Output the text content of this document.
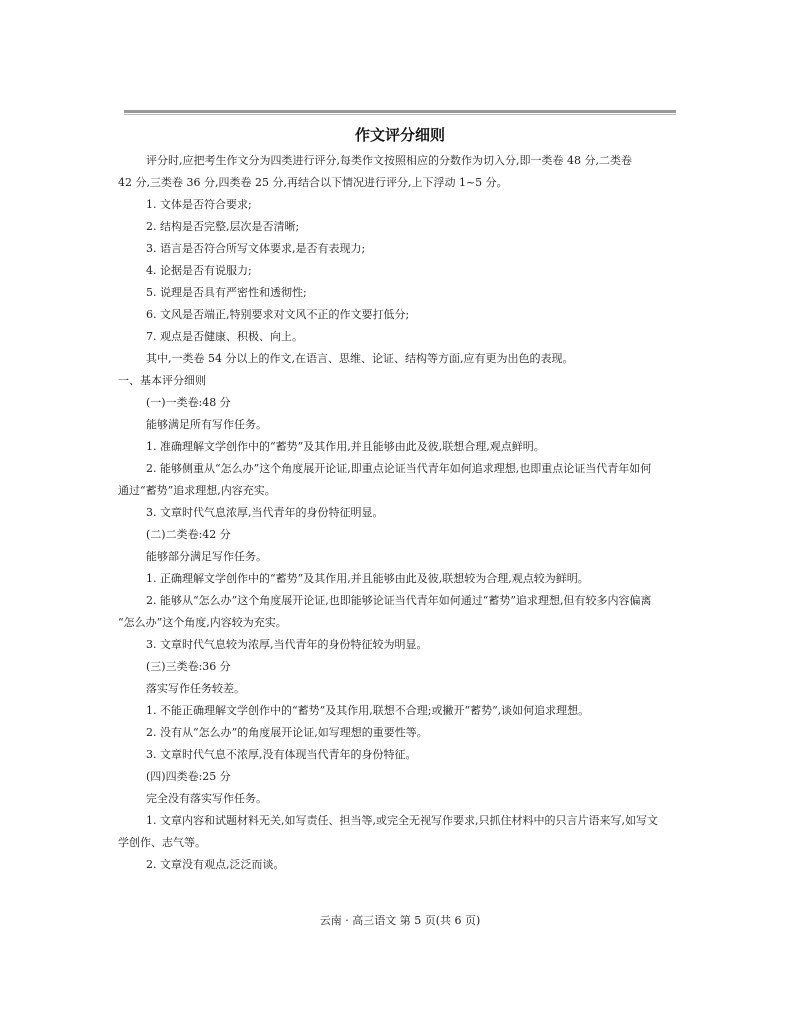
作文评分细则
评分时,应把考生作文分为四类进行评分,每类作文按照相应的分数作为切入分,即一类卷 48 分,二类卷
42 分,三类卷 36 分,四类卷 25 分,再结合以下情况进行评分,上下浮动 1~5 分。
1. 文体是否符合要求;
2. 结构是否完整,层次是否清晰;
3. 语言是否符合所写文体要求,是否有表现力;
4. 论据是否有说服力;
5. 说理是否具有严密性和透彻性;
6. 文风是否端正,特别要求对文风不正的作文要打低分;
7. 观点是否健康、积极、向上。
其中,一类卷 54 分以上的作文,在语言、思维、论证、结构等方面,应有更为出色的表现。
一、基本评分细则
(一)一类卷:48 分
能够满足所有写作任务。
1. 准确理解文学创作中的“蓄势”及其作用,并且能够由此及彼,联想合理,观点鲜明。
2. 能够侧重从“怎么办”这个角度展开论证,即重点论证当代青年如何追求理想,也即重点论证当代青年如何
通过“蓄势”追求理想,内容充实。
3. 文章时代气息浓厚,当代青年的身份特征明显。
(二)二类卷:42 分
能够部分满足写作任务。
1. 正确理解文学创作中的“蓄势”及其作用,并且能够由此及彼,联想较为合理,观点较为鲜明。
2. 能够从“怎么办”这个角度展开论证,也即能够论证当代青年如何通过“蓄势”追求理想,但有较多内容偏离
“怎么办”这个角度,内容较为充实。
3. 文章时代气息较为浓厚,当代青年的身份特征较为明显。
(三)三类卷:36 分
落实写作任务较差。
1. 不能正确理解文学创作中的“蓄势”及其作用,联想不合理;或撇开“蓄势”,谈如何追求理想。
2. 没有从“怎么办”的角度展开论证,如写理想的重要性等。
3. 文章时代气息不浓厚,没有体现当代青年的身份特征。
(四)四类卷:25 分
完全没有落实写作任务。
1. 文章内容和试题材料无关,如写责任、担当等,或完全无视写作要求,只抓住材料中的只言片语来写,如写文
学创作、志气等。
2. 文章没有观点,泛泛而谈。
云南 · 高三语文 第 5 页(共 6 页)
